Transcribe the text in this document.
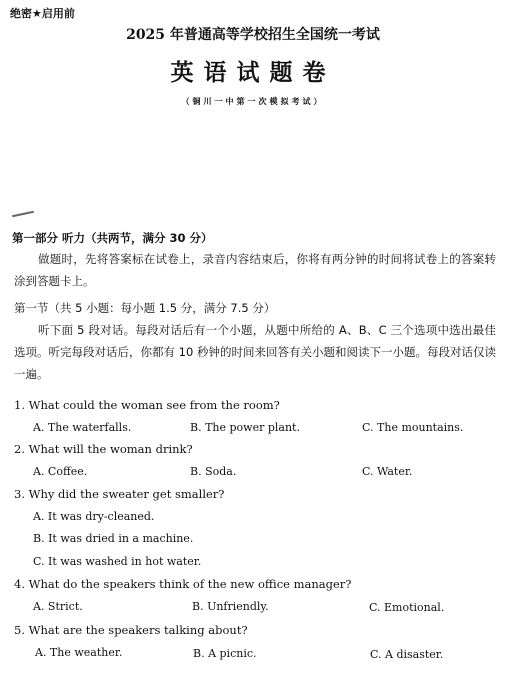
绝密★启用前
2025 年普通高等学校招生全国统一考试
英语试题卷
（铜川一中第一次模拟考试）
第一部分 听力（共两节，满分 30 分）
做题时，先将答案标在试卷上，录音内容结束后，你将有两分钟的时间将试卷上的答案转涂到答题卡上。
第一节（共 5 小题：每小题 1.5 分，满分 7.5 分）
听下面 5 段对话。每段对话后有一个小题，从题中所给的 A、B、C 三个选项中选出最佳选项。听完每段对话后，你都有 10 秒钟的时间来回答有关小题和阅读下一小题。每段对话仅读一遍。
1. What could the woman see from the room?
A. The waterfalls.	B. The power plant.	C. The mountains.
2. What will the woman drink?
A. Coffee.	B. Soda.	C. Water.
3. Why did the sweater get smaller?
A. It was dry-cleaned.
B. It was dried in a machine.
C. It was washed in hot water.
4. What do the speakers think of the new office manager?
A. Strict.	B. Unfriendly.	C. Emotional.
5. What are the speakers talking about?
A. The weather.	B. A picnic.	C. A disaster.
